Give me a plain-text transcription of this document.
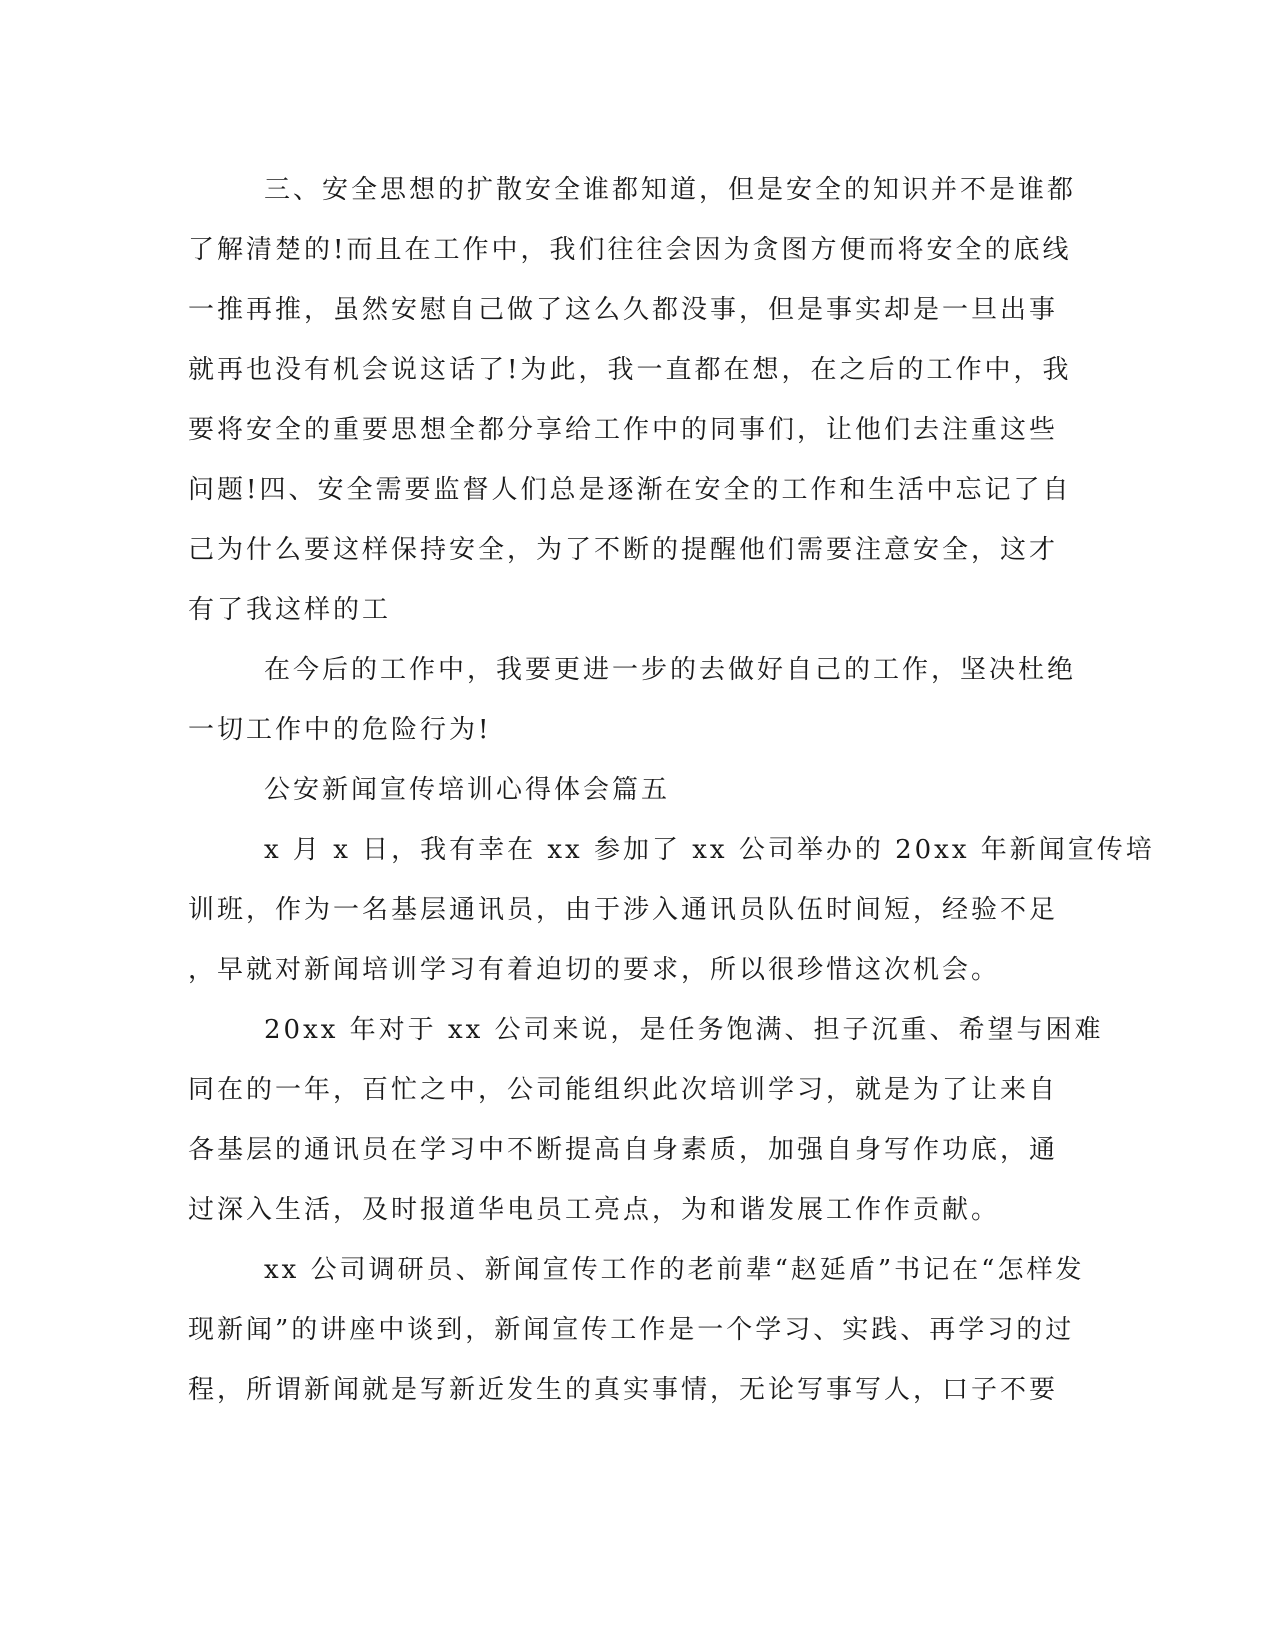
三、安全思想的扩散安全谁都知道，但是安全的知识并不是谁都
了解清楚的!而且在工作中，我们往往会因为贪图方便而将安全的底线
一推再推，虽然安慰自己做了这么久都没事，但是事实却是一旦出事
就再也没有机会说这话了!为此，我一直都在想，在之后的工作中，我
要将安全的重要思想全都分享给工作中的同事们，让他们去注重这些
问题!四、安全需要监督人们总是逐渐在安全的工作和生活中忘记了自
己为什么要这样保持安全，为了不断的提醒他们需要注意安全，这才
有了我这样的工
在今后的工作中，我要更进一步的去做好自己的工作，坚决杜绝
一切工作中的危险行为!
公安新闻宣传培训心得体会篇五
x 月 x 日，我有幸在 xx 参加了 xx 公司举办的 20xx 年新闻宣传培
训班，作为一名基层通讯员，由于涉入通讯员队伍时间短，经验不足
，早就对新闻培训学习有着迫切的要求，所以很珍惜这次机会。
20xx 年对于 xx 公司来说，是任务饱满、担子沉重、希望与困难
同在的一年，百忙之中，公司能组织此次培训学习，就是为了让来自
各基层的通讯员在学习中不断提高自身素质，加强自身写作功底，通
过深入生活，及时报道华电员工亮点，为和谐发展工作作贡献。
xx 公司调研员、新闻宣传工作的老前辈“赵延盾”书记在“怎样发
现新闻”的讲座中谈到，新闻宣传工作是一个学习、实践、再学习的过
程，所谓新闻就是写新近发生的真实事情，无论写事写人，口子不要
